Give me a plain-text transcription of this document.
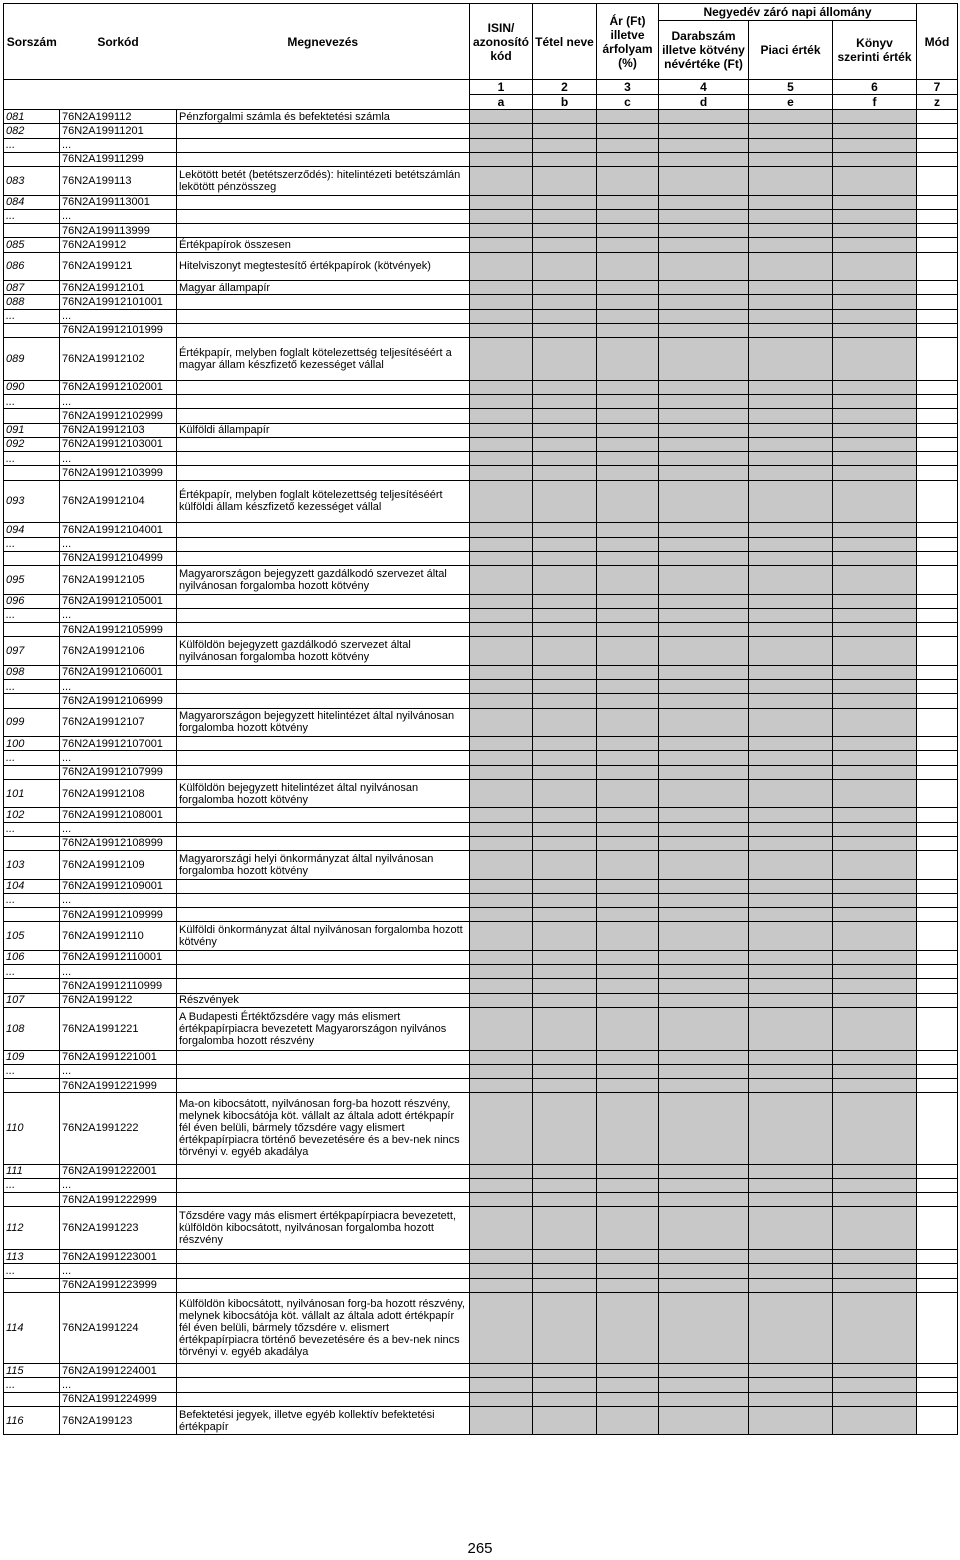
Sorszám	Sorkód	Megnevezés	ISIN/ azonosító kód	Tétel neve	Ár (Ft) illetve árfolyam (%)	Negyedév záró napi állomány			Mód
						Darabszám illetve kötvény névértéke (Ft)	Piaci érték	Könyv szerinti érték	
			1	2	3	4	5	6	7
			a	b	c	d	e	f	z
081	76N2A199112	Pénzforgalmi számla és befektetési számla							
082	76N2A19911201								
...	...								
	76N2A19911299								
083	76N2A199113	Lekötött betét (betétszerződés): hitelintézeti betétszámlán lekötött pénzösszeg							
084	76N2A199113001								
...	...								
	76N2A199113999								
085	76N2A19912	Értékpapírok összesen							
086	76N2A199121	Hitelviszonyt megtestesítő értékpapírok (kötvények)							
087	76N2A19912101	Magyar állampapír							
088	76N2A19912101001								
...	...								
	76N2A19912101999								
089	76N2A19912102	Értékpapír, melyben foglalt kötelezettség teljesítéséért a magyar állam készfizető kezességet vállal							
090	76N2A19912102001								
...	...								
	76N2A19912102999								
091	76N2A19912103	Külföldi állampapír							
092	76N2A19912103001								
...	...								
	76N2A19912103999								
093	76N2A19912104	Értékpapír, melyben foglalt kötelezettség teljesítéséért külföldi állam készfizető kezességet vállal							
094	76N2A19912104001								
...	...								
	76N2A19912104999								
095	76N2A19912105	Magyarországon bejegyzett gazdálkodó szervezet által nyilvánosan forgalomba hozott kötvény							
096	76N2A19912105001								
...	...								
	76N2A19912105999								
097	76N2A19912106	Külföldön bejegyzett gazdálkodó szervezet által nyilvánosan forgalomba hozott kötvény							
098	76N2A19912106001								
...	...								
	76N2A19912106999								
099	76N2A19912107	Magyarországon bejegyzett hitelintézet által nyilvánosan forgalomba hozott kötvény							
100	76N2A19912107001								
...	...								
	76N2A19912107999								
101	76N2A19912108	Külföldön bejegyzett hitelintézet által nyilvánosan forgalomba hozott kötvény							
102	76N2A19912108001								
...	...								
	76N2A19912108999								
103	76N2A19912109	Magyarországi helyi önkormányzat által nyilvánosan forgalomba hozott kötvény							
104	76N2A19912109001								
...	...								
	76N2A19912109999								
105	76N2A19912110	Külföldi önkormányzat által nyilvánosan forgalomba hozott kötvény							
106	76N2A19912110001								
...	...								
	76N2A19912110999								
107	76N2A199122	Részvények							
108	76N2A1991221	A Budapesti Értéktőzsdére vagy más elismert értékpapírpiacra bevezetett Magyarországon nyilvános forgalomba hozott részvény							
109	76N2A1991221001								
...	...								
	76N2A1991221999								
110	76N2A1991222	Ma-on kibocsátott, nyilvánosan forg-ba hozott részvény, melynek kibocsátója köt. vállalt az általa adott értékpapír fél éven belüli, bármely tőzsdére vagy elismert értékpapírpiacra történő bevezetésére és a bev-nek nincs törvényi v. egyéb akadálya							
111	76N2A1991222001								
...	...								
	76N2A1991222999								
112	76N2A1991223	Tőzsdére vagy más elismert értékpapírpiacra bevezetett, külföldön kibocsátott, nyilvánosan forgalomba hozott részvény							
113	76N2A1991223001								
...	...								
	76N2A1991223999								
114	76N2A1991224	Külföldön kibocsátott, nyilvánosan forg-ba hozott részvény, melynek kibocsátója köt. vállalt az általa adott értékpapír fél éven belüli, bármely tőzsdére v. elismert értékpapírpiacra történő bevezetésére és a bev-nek nincs törvényi v. egyéb akadálya							
115	76N2A1991224001								
...	...								
	76N2A1991224999								
116	76N2A199123	Befektetési jegyek, illetve egyéb kollektív befektetési értékpapír							
265
